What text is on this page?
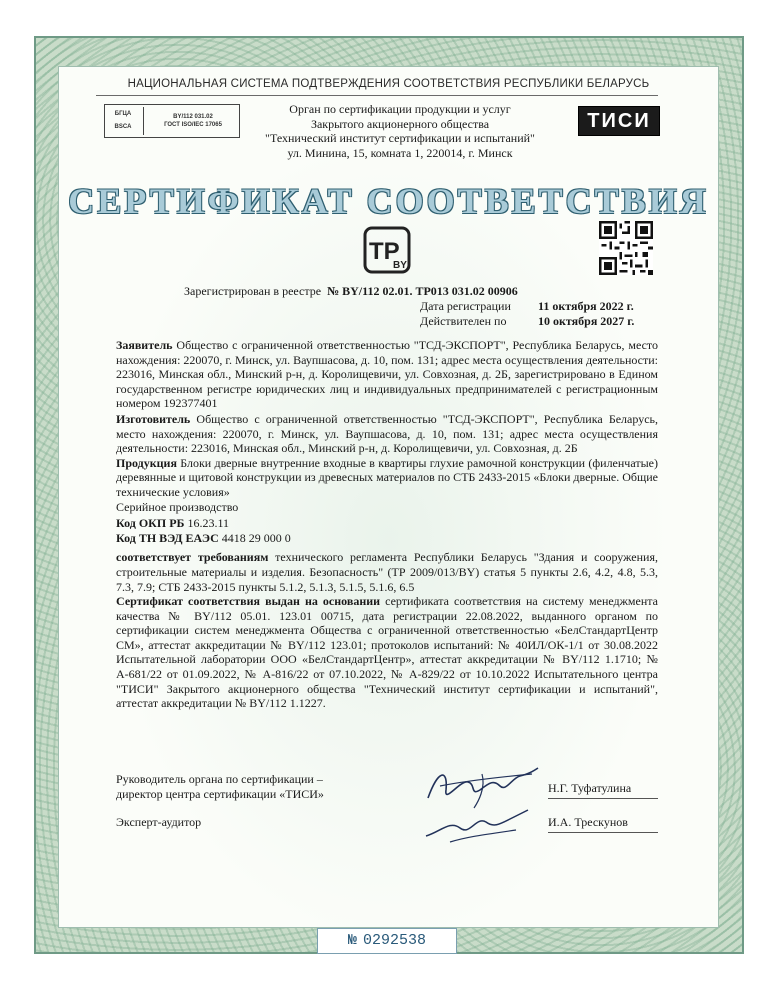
НАЦИОНАЛЬНАЯ СИСТЕМА ПОДТВЕРЖДЕНИЯ СООТВЕТСТВИЯ РЕСПУБЛИКИ БЕЛАРУСЬ
БГЦА
BSCA
BY/112 031.02
ГОСТ ISO/IEC 17065
Орган по сертификации продукции и услуг
Закрытого акционерного общества
"Технический институт сертификации и испытаний"
ул. Минина, 15, комната 1, 220014, г. Минск
ТИСИ
СЕРТИФИКАТ СООТВЕТСТВИЯ
TP
BY
Зарегистрирован в реестре № BY/112 02.01. ТР013 031.02 00906
Дата регистрации 11 октября 2022 г.
Действителен по	10 октября 2027 г.

Заявитель Общество с ограниченной ответственностью "ТСД-ЭКСПОРТ", Республика Беларусь, место нахождения: 220070, г. Минск, ул. Ваупшасова, д. 10, пом. 131; адрес места осуществления деятельности: 223016, Минская обл., Минский р-н, д. Королищевичи, ул. Совхозная, д. 2Б, зарегистрировано в Едином государственном регистре юридических лиц и индивидуальных предпринимателей с регистрационным номером 192377401

Изготовитель Общество с ограниченной ответственностью "ТСД-ЭКСПОРТ", Республика Беларусь, место нахождения: 220070, г. Минск, ул. Ваупшасова, д. 10, пом. 131; адрес места осуществления деятельности: 223016, Минская обл., Минский р-н, д. Королищевичи, ул. Совхозная, д. 2Б

Продукция Блоки дверные внутренние входные в квартиры глухие рамочной конструкции (филенчатые) деревянные и щитовой конструкции из древесных материалов по СТБ 2433-2015 «Блоки дверные. Общие технические условия»

Серийное производство

Код ОКП РБ 16.23.11

Код ТН ВЭД ЕАЭС 4418 29 000 0

соответствует требованиям технического регламента Республики Беларусь "Здания и сооружения, строительные материалы и изделия. Безопасность" (ТР 2009/013/BY) статья 5 пункты 2.6, 4.2, 4.8, 5.3, 7.3, 7.9; СТБ 2433-2015 пункты 5.1.2, 5.1.3, 5.1.5, 5.1.6, 6.5

Сертификат соответствия выдан на основании сертификата соответствия на систему менеджмента качества № BY/112 05.01. 123.01 00715, дата регистрации 22.08.2022, выданного органом по сертификации систем менеджмента Общества с ограниченной ответственностью «БелСтандартЦентр СМ», аттестат аккредитации № BY/112 123.01; протоколов испытаний: № 40ИЛ/ОК-1/1 от 30.08.2022 Испытательной лаборатории ООО «БелСтандартЦентр», аттестат аккредитации № BY/112 1.1710; № А-681/22 от 01.09.2022, № А-816/22 от 07.10.2022, № А-829/22 от 10.10.2022 Испытательного центра "ТИСИ" Закрытого акционерного общества "Технический институт сертификации и испытаний", аттестат аккредитации № BY/112 1.1227.

Руководитель органа по сертификации –
директор центра сертификации «ТИСИ»	Н.Г. Туфатулина
Эксперт-аудитор	И.А. Трескунов
№ 0292538
